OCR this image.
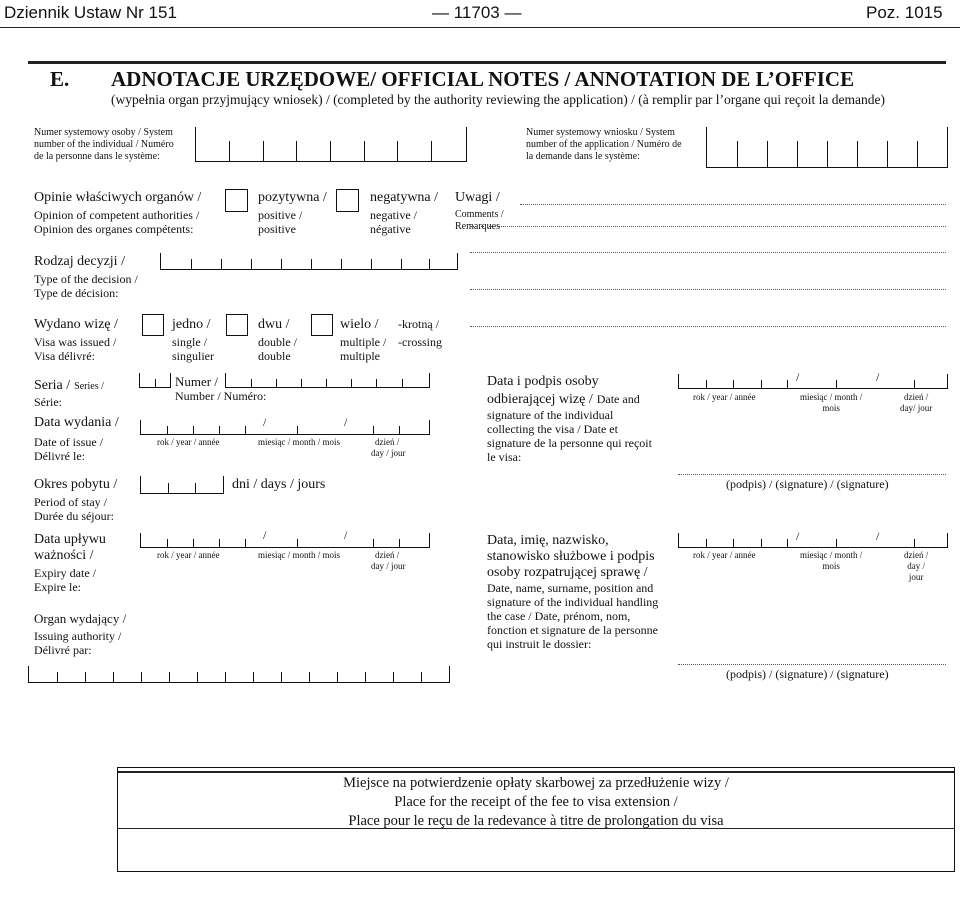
Dziennik Ustaw Nr 151	— 11703 —	Poz. 1015
E. ADNOTACJE URZĘDOWE/ OFFICIAL NOTES / ANNOTATION DE L’OFFICE
(wypełnia organ przyjmujący wniosek) / (completed by the authority reviewing the application) / (à remplir par l’organe qui reçoit la demande)
Numer systemowy osoby / System
number of the individual / Numéro
de la personne dans le système:
Numer systemowy wniosku / System
number of the application / Numéro de
la demande dans le système:
Opinie właściwych organów /
Opinion of competent authorities /
Opinion des organes compétents:
pozytywna /
positive /
positive
negatywna /
negative /
négative
Uwagi /
Comments /
Remarques
Rodzaj decyzji /
Type of the decision /
Type de décision:
Wydano wizę /
Visa was issued /
Visa délivré:
jedno /
single /
singulier
dwu /
double /
double
wielo /
multiple /
multiple
-krotną /
-crossing
Seria / Series /
Série:
Numer /
Number / Numéro:
Data wydania /
Date of issue /
Délivré le:
/	/
rok / year / année	miesiąc / month / mois	dzień /
day / jour
Okres pobytu /
Period of stay /
Durée du séjour:
dni / days / jours
Data upływu
ważności /
Expiry date /
Expire le:
/	/
rok / year / année	miesiąc / month / mois	dzień /
day / jour
Organ wydający /
Issuing authority /
Délivré par:
Data i podpis osoby
odbierającej wizę / Date and
signature of the individual
collecting the visa / Date et
signature de la personne qui reçoit
le visa:
/	/
rok / year / année	miesiąc / month /
mois
dzień /
day/ jour
(podpis) / (signature) / (signature)
Data, imię, nazwisko,
stanowisko służbowe i podpis
osoby rozpatrującej sprawę /
Date, name, surname, position and
signature of the individual handling
the case / Date, prénom, nom,
fonction et signature de la personne
qui instruit le dossier:
/	/
rok / year / année	miesiąc / month /
mois
dzień /
day /
jour
(podpis) / (signature) / (signature)
Miejsce na potwierdzenie opłaty skarbowej za przedłużenie wizy /
Place for the receipt of the fee to visa extension /
Place pour le reçu de la redevance à titre de prolongation du visa
